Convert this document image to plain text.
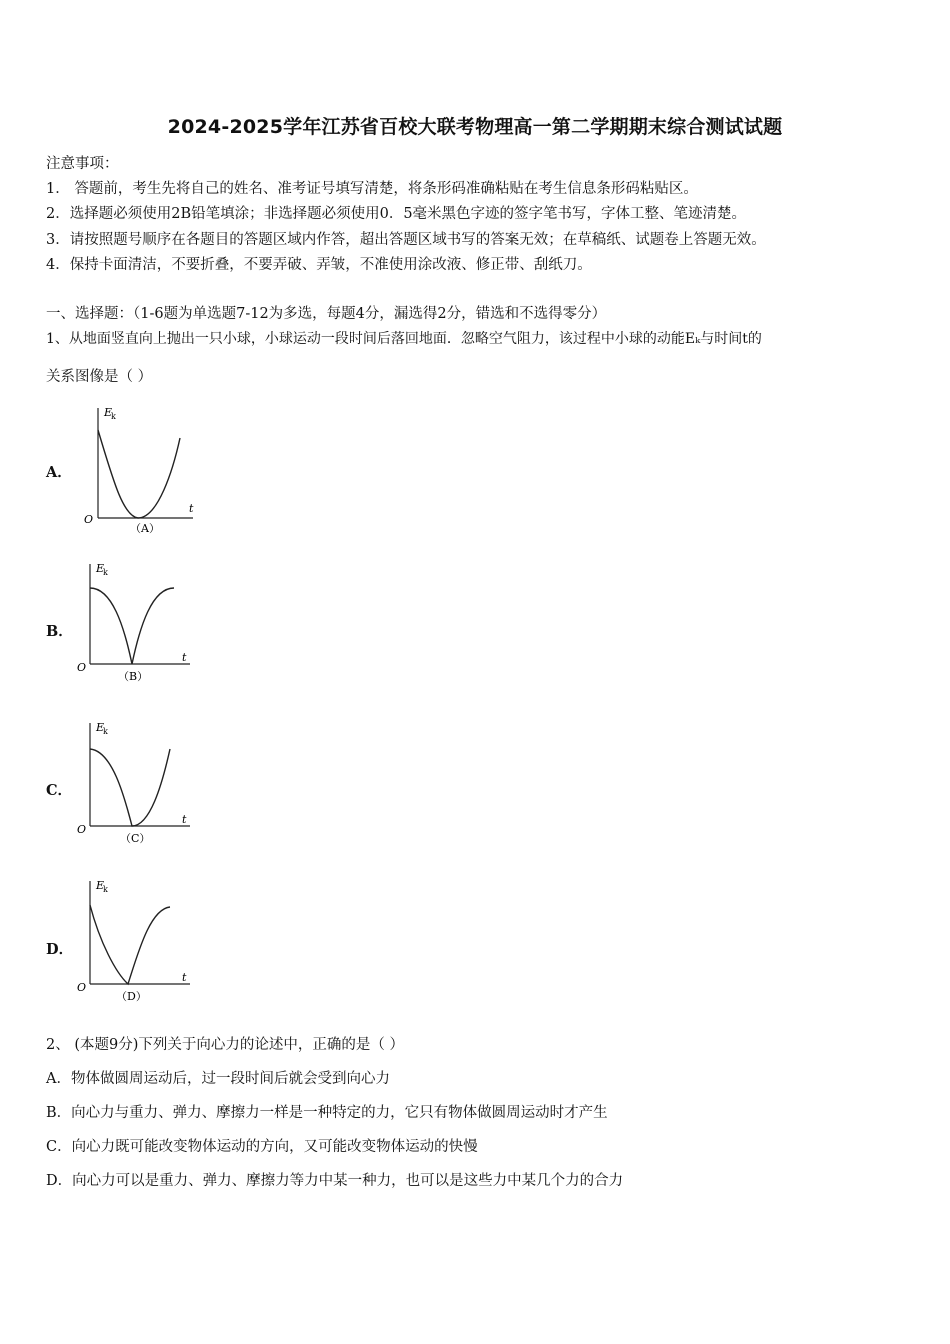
2024-2025学年江苏省百校大联考物理高一第二学期期末综合测试试题
注意事项：
1． 答题前，考生先将自己的姓名、准考证号填写清楚，将条形码准确粘贴在考生信息条形码粘贴区。
2．选择题必须使用2B铅笔填涂；非选择题必须使用0．5毫米黑色字迹的签字笔书写，字体工整、笔迹清楚。
3．请按照题号顺序在各题目的答题区域内作答，超出答题区域书写的答案无效；在草稿纸、试题卷上答题无效。
4．保持卡面清洁，不要折叠，不要弄破、弄皱，不准使用涂改液、修正带、刮纸刀。
一、选择题：（1-6题为单选题7-12为多选，每题4分，漏选得2分，错选和不选得零分）
1、从地面竖直向上抛出一只小球，小球运动一段时间后落回地面．忽略空气阻力，该过程中小球的动能Eₖ与时间t的
关系图像是（ ）
A．
E
k
t
O
（A）
B．
E
k
t
O
（B）
C．
E
k
t
O
（C）
D．
E
k
t
O
（D）
2、 (本题9分)下列关于向心力的论述中，正确的是（ ）
A．物体做圆周运动后，过一段时间后就会受到向心力
B．向心力与重力、弹力、摩擦力一样是一种特定的力，它只有物体做圆周运动时才产生
C．向心力既可能改变物体运动的方向，又可能改变物体运动的快慢
D．向心力可以是重力、弹力、摩擦力等力中某一种力，也可以是这些力中某几个力的合力
